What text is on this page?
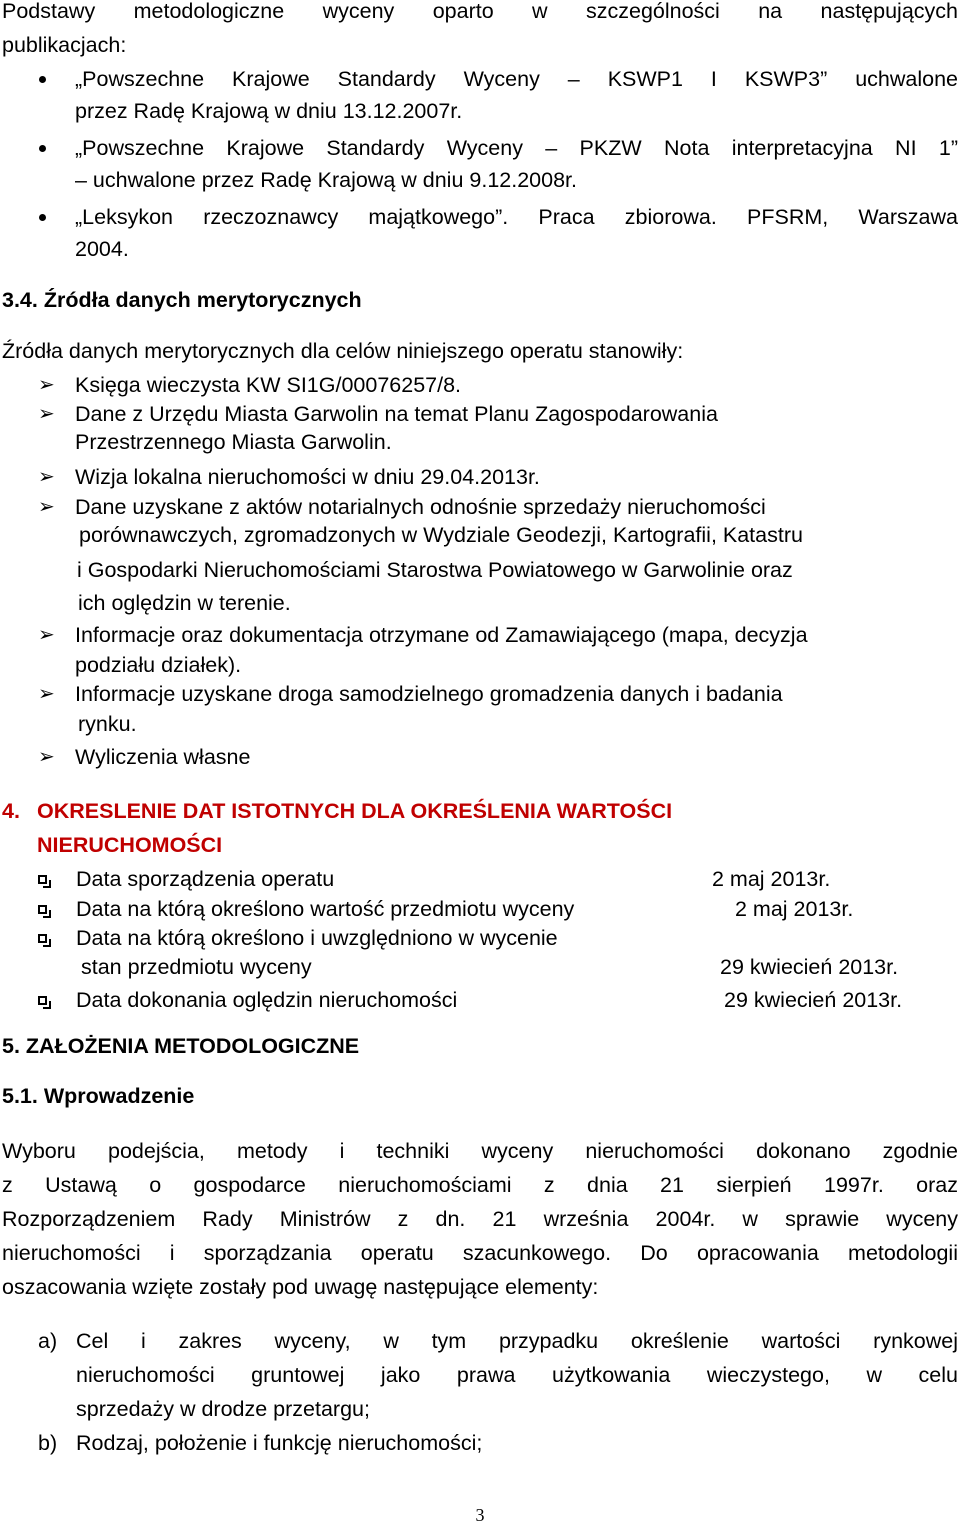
Podstawy metodologiczne wyceny oparto w szczególności na następujących
publikacjach:
„Powszechne Krajowe Standardy Wyceny – KSWP1 I KSWP3” uchwalone
przez Radę Krajową w dniu 13.12.2007r.
„Powszechne Krajowe Standardy Wyceny – PKZW Nota interpretacyjna NI 1”
– uchwalone przez Radę Krajową w dniu 9.12.2008r.
„Leksykon rzeczoznawcy majątkowego”. Praca zbiorowa. PFSRM, Warszawa
2004.
3.4. Źródła danych merytorycznych
Źródła danych merytorycznych dla celów niniejszego operatu stanowiły:
➢ Księga wieczysta KW SI1G/00076257/8.
➢ Dane z Urzędu Miasta Garwolin na temat Planu Zagospodarowania
Przestrzennego Miasta Garwolin.
➢ Wizja lokalna nieruchomości w dniu 29.04.2013r.
➢ Dane uzyskane z aktów notarialnych odnośnie sprzedaży nieruchomości
porównawczych, zgromadzonych w Wydziale Geodezji, Kartografii, Katastru
i Gospodarki Nieruchomościami Starostwa Powiatowego w Garwolinie oraz
ich oględzin w terenie.
➢ Informacje oraz dokumentacja otrzymane od Zamawiającego (mapa, decyzja
podziału działek).
➢ Informacje uzyskane droga samodzielnego gromadzenia danych i badania
rynku.
➢ Wyliczenia własne
4. OKRESLENIE DAT ISTOTNYCH DLA OKREŚLENIA WARTOŚCI
NIERUCHOMOŚCI
Data sporządzenia operatu	2 maj 2013r.
Data na którą określono wartość przedmiotu wyceny	2 maj 2013r.
Data na którą określono i uwzględniono w wycenie
stan przedmiotu wyceny	29 kwiecień 2013r.
Data dokonania oględzin nieruchomości	29 kwiecień 2013r.
5. ZAŁOŻENIA METODOLOGICZNE
5.1. Wprowadzenie
Wyboru podejścia, metody i techniki wyceny nieruchomości dokonano zgodnie
z Ustawą o gospodarce nieruchomościami z dnia 21 sierpień 1997r. oraz
Rozporządzeniem Rady Ministrów z dn. 21 września 2004r. w sprawie wyceny
nieruchomości i sporządzania operatu szacunkowego. Do opracowania metodologii
oszacowania wzięte zostały pod uwagę następujące elementy:
a) Cel i zakres wyceny, w tym przypadku określenie wartości rynkowej
nieruchomości gruntowej jako prawa użytkowania wieczystego, w celu
sprzedaży w drodze przetargu;
b) Rodzaj, położenie i funkcję nieruchomości;
3
